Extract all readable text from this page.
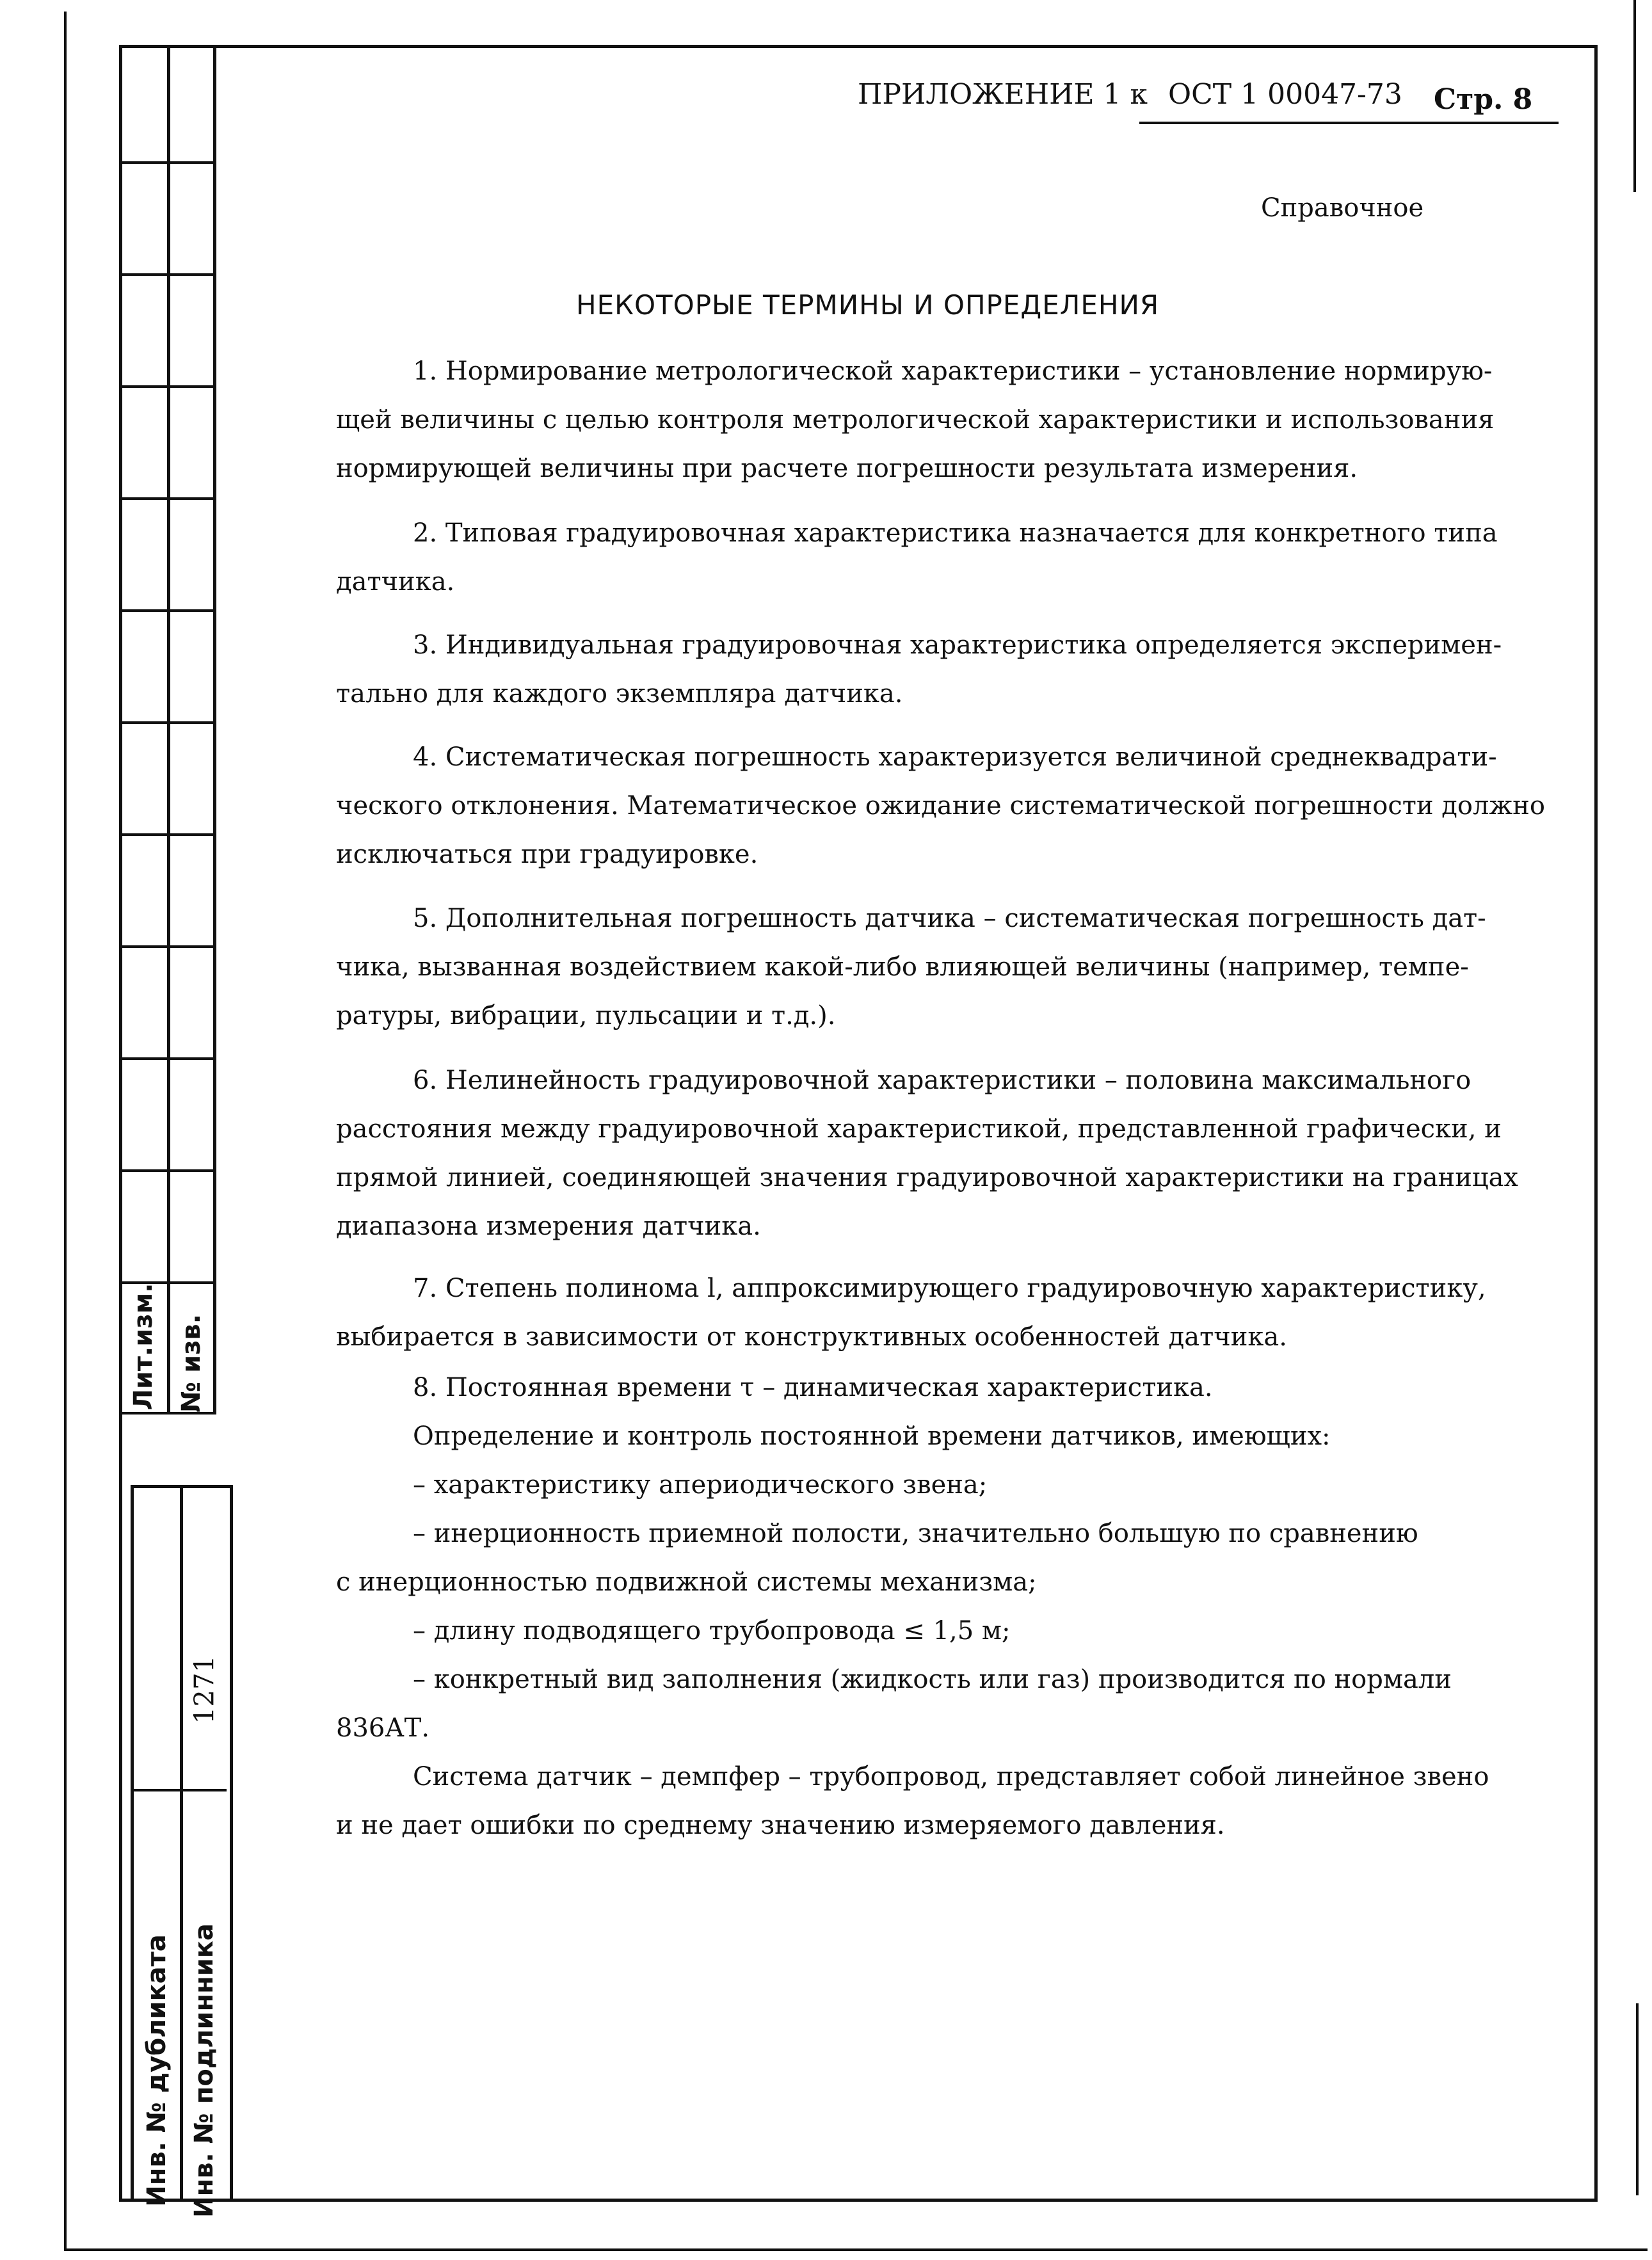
Лит.изм. № изв.
Инв. № дубликата Инв. № подлинника
1271
ПРИЛОЖЕНИЕ 1 к ОСТ 1 00047-73 Стр. 8
Справочное
НЕКОТОРЫЕ ТЕРМИНЫ И ОПРЕДЕЛЕНИЯ
1. Нормирование метрологической характеристики – установление нормирую-
щей величины с целью контроля метрологической характеристики и использования
нормирующей величины при расчете погрешности результата измерения.
2. Типовая градуировочная характеристика назначается для конкретного типа
датчика.
3. Индивидуальная градуировочная характеристика определяется эксперимен-
тально для каждого экземпляра датчика.
4. Систематическая погрешность характеризуется величиной среднеквадрати-
ческого отклонения. Математическое ожидание систематической погрешности должно
исключаться при градуировке.
5. Дополнительная погрешность датчика – систематическая погрешность дат-
чика, вызванная воздействием какой-либо влияющей величины (например, темпе-
ратуры, вибрации, пульсации и т.д.).
6. Нелинейность градуировочной характеристики – половина максимального
расстояния между градуировочной характеристикой, представленной графически, и
прямой линией, соединяющей значения градуировочной характеристики на границах
диапазона измерения датчика.
7. Степень полинома l, аппроксимирующего градуировочную характеристику,
выбирается в зависимости от конструктивных особенностей датчика.
8. Постоянная времени τ – динамическая характеристика.
Определение и контроль постоянной времени датчиков, имеющих:
– характеристику апериодического звена;
– инерционность приемной полости, значительно большую по сравнению
с инерционностью подвижной системы механизма;
– длину подводящего трубопровода ≤ 1,5 м;
– конкретный вид заполнения (жидкость или газ) производится по нормали
836АТ.
Система датчик – демпфер – трубопровод, представляет собой линейное звено
и не дает ошибки по среднему значению измеряемого давления.
